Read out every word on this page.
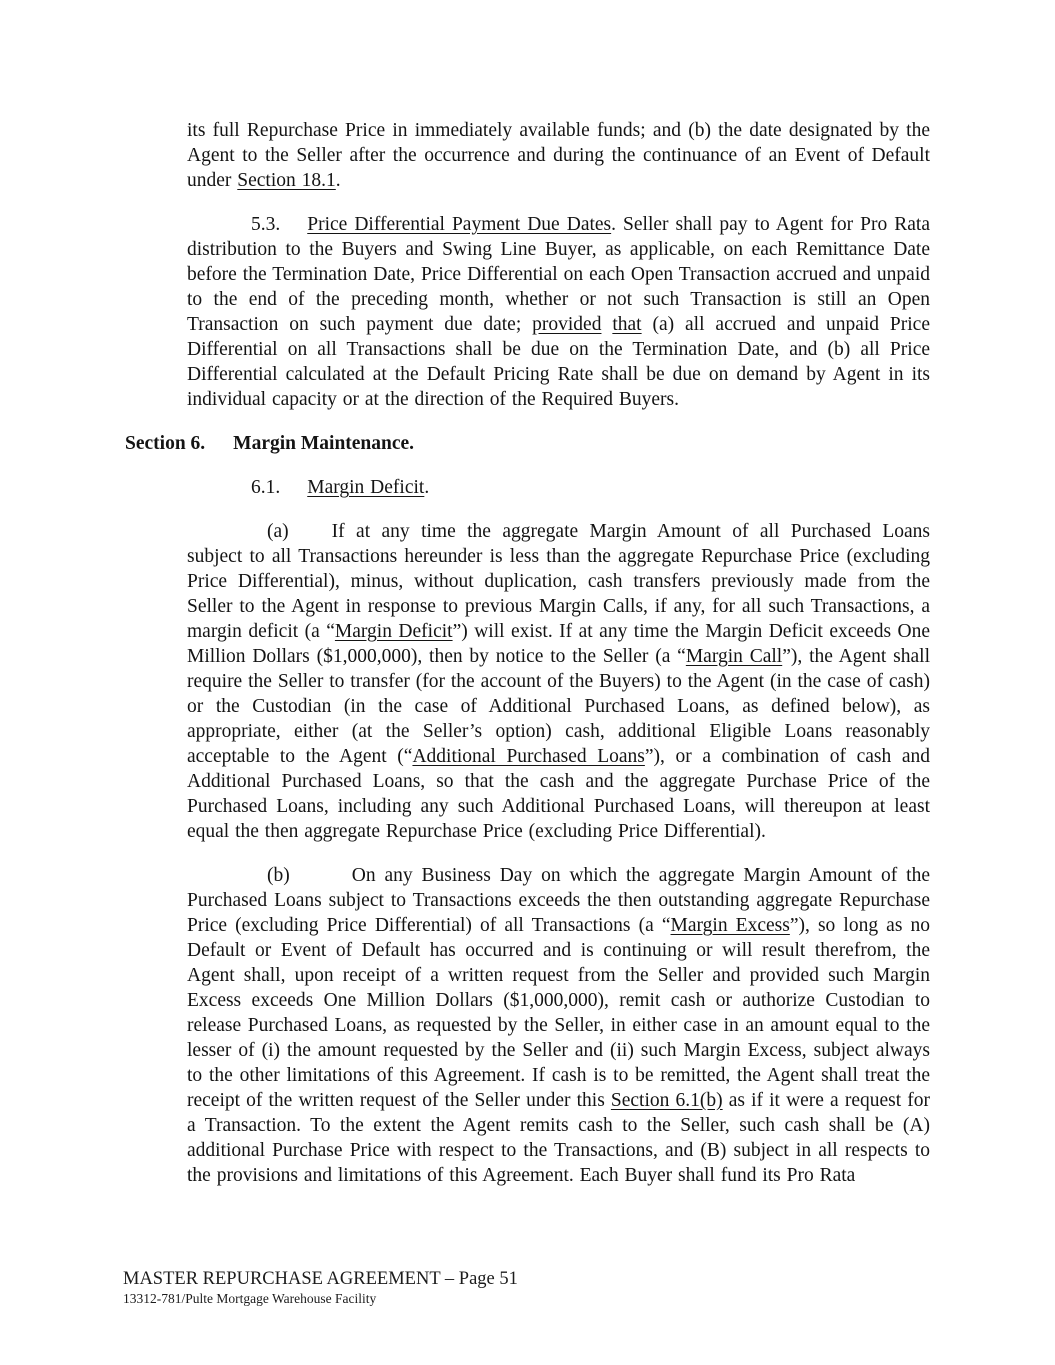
its full Repurchase Price in immediately available funds; and (b) the date designated by the Agent to the Seller after the occurrence and during the continuance of an Event of Default under Section 18.1.

5.3. Price Differential Payment Due Dates. Seller shall pay to Agent for Pro Rata distribution to the Buyers and Swing Line Buyer, as applicable, on each Remittance Date before the Termination Date, Price Differential on each Open Transaction accrued and unpaid to the end of the preceding month, whether or not such Transaction is still an Open Transaction on such payment due date; provided that (a) all accrued and unpaid Price Differential on all Transactions shall be due on the Termination Date, and (b) all Price Differential calculated at the Default Pricing Rate shall be due on demand by Agent in its individual capacity or at the direction of the Required Buyers.

Section 6. Margin Maintenance.

6.1. Margin Deficit.

(a) If at any time the aggregate Margin Amount of all Purchased Loans subject to all Transactions hereunder is less than the aggregate Repurchase Price (excluding Price Differential), minus, without duplication, cash transfers previously made from the Seller to the Agent in response to previous Margin Calls, if any, for all such Transactions, a margin deficit (a “Margin Deficit”) will exist. If at any time the Margin Deficit exceeds One Million Dollars ($1,000,000), then by notice to the Seller (a “Margin Call”), the Agent shall require the Seller to transfer (for the account of the Buyers) to the Agent (in the case of cash) or the Custodian (in the case of Additional Purchased Loans, as defined below), as appropriate, either (at the Seller’s option) cash, additional Eligible Loans reasonably acceptable to the Agent (“Additional Purchased Loans”), or a combination of cash and Additional Purchased Loans, so that the cash and the aggregate Purchase Price of the Purchased Loans, including any such Additional Purchased Loans, will thereupon at least equal the then aggregate Repurchase Price (excluding Price Differential).

(b)	On any Business Day on which the aggregate Margin Amount of the Purchased Loans subject to Transactions exceeds the then outstanding aggregate Repurchase Price (excluding Price Differential) of all Transactions (a “Margin Excess”), so long as no Default or Event of Default has occurred and is continuing or will result therefrom, the Agent shall, upon receipt of a written request from the Seller and provided such Margin Excess exceeds One Million Dollars ($1,000,000), remit cash or authorize Custodian to release Purchased Loans, as requested by the Seller, in either case in an amount equal to the lesser of (i) the amount requested by the Seller and (ii) such Margin Excess, subject always to the other limitations of this Agreement. If cash is to be remitted, the Agent shall treat the receipt of the written request of the Seller under this Section 6.1(b) as if it were a request for a Transaction. To the extent the Agent remits cash to the Seller, such cash shall be (A) additional Purchase Price with respect to the Transactions, and (B) subject in all respects to the provisions and limitations of this Agreement. Each Buyer shall fund its Pro Rata

MASTER REPURCHASE AGREEMENT – Page 51
13312-781/Pulte Mortgage Warehouse Facility
